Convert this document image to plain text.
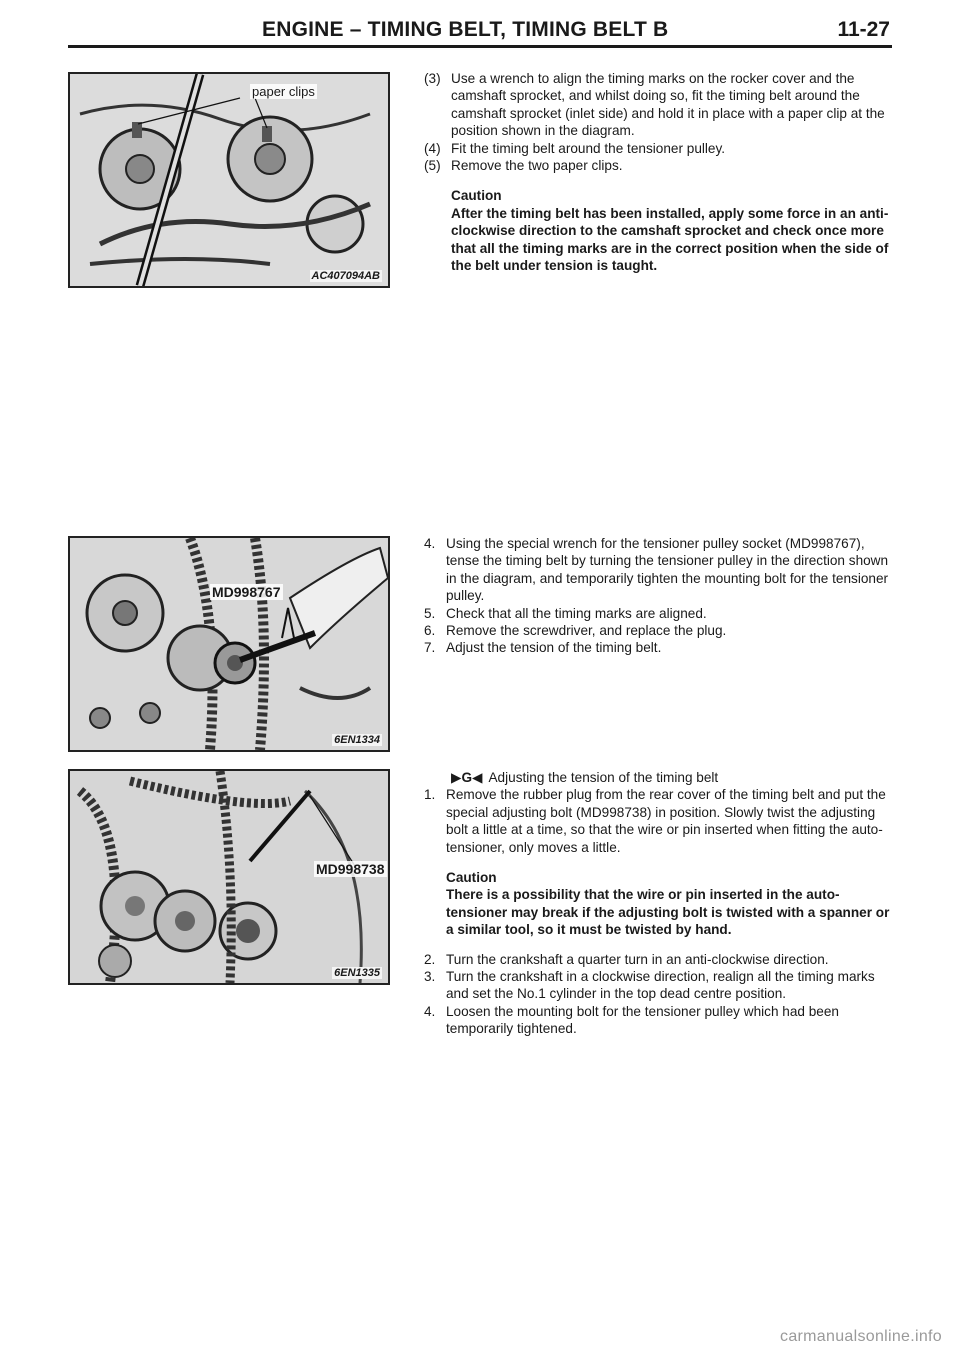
ENGINE – TIMING BELT, TIMING BELT B	11-27
paper clips
AC407094AB
(3) Use a wrench to align the timing marks on the rocker cover and the camshaft sprocket, and whilst doing so, fit the timing belt around the camshaft sprocket (inlet side) and hold it in place with a paper clip at the position shown in the diagram.
(4) Fit the timing belt around the tensioner pulley.
(5) Remove the two paper clips.
Caution
After the timing belt has been installed, apply some force in an anti-clockwise direction to the camshaft sprocket and check once more that all the timing marks are in the correct position when the side of the belt under tension is taught.
MD998767
6EN1334
4. Using the special wrench for the tensioner pulley socket (MD998767), tense the timing belt by turning the tensioner pulley in the direction shown in the diagram, and temporarily tighten the mounting bolt for the tensioner pulley.
5. Check that all the timing marks are aligned.
6. Remove the screwdriver, and replace the plug.
7. Adjust the tension of the timing belt.
MD998738
6EN1335
▶G◀ Adjusting the tension of the timing belt
1. Remove the rubber plug from the rear cover of the timing belt and put the special adjusting bolt (MD998738) in position. Slowly twist the adjusting bolt a little at a time, so that the wire or pin inserted when fitting the auto-tensioner, only moves a little.
Caution
There is a possibility that the wire or pin inserted in the auto-tensioner may break if the adjusting bolt is twisted with a spanner or a similar tool, so it must be twisted by hand.
2. Turn the crankshaft a quarter turn in an anti-clockwise direction.
3. Turn the crankshaft in a clockwise direction, realign all the timing marks and set the No.1 cylinder in the top dead centre position.
4. Loosen the mounting bolt for the tensioner pulley which had been temporarily tightened.
carmanualsonline.info
